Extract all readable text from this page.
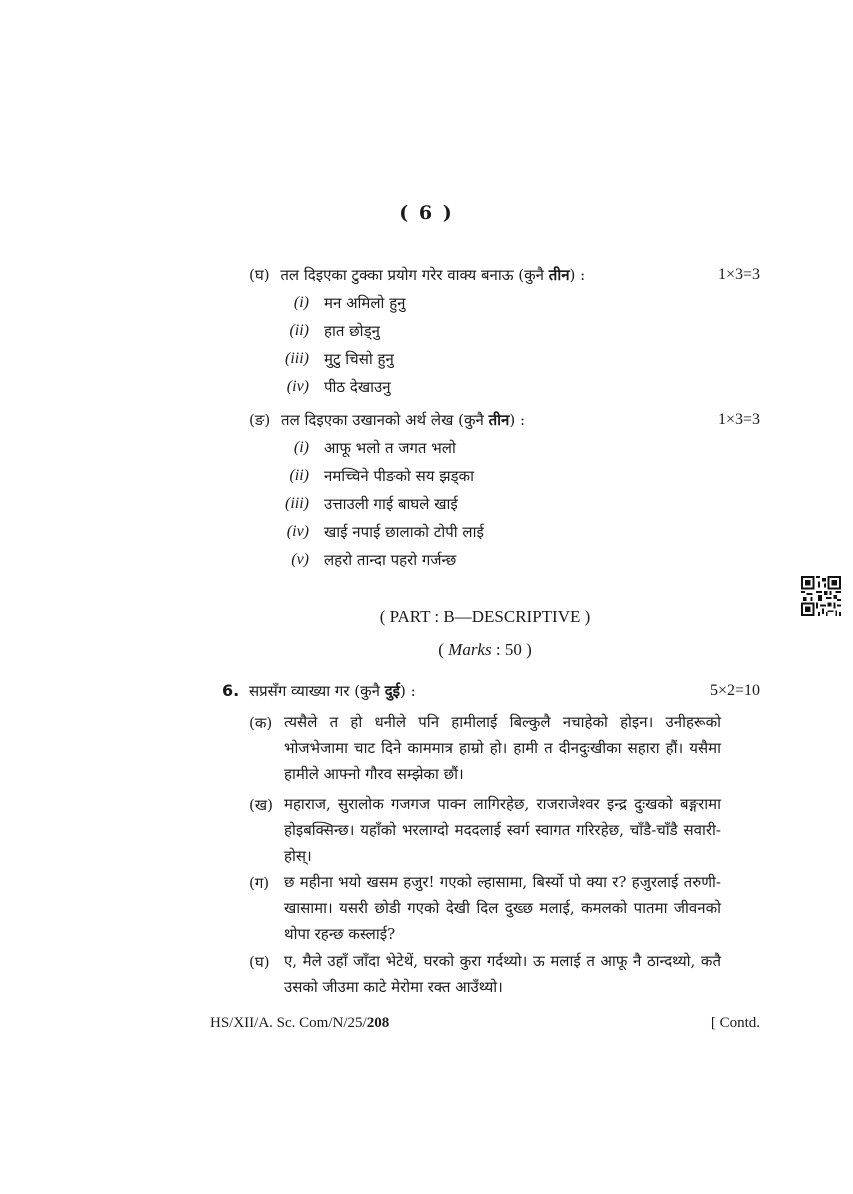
( 6 )
(घ) तल दिइएका टुक्का प्रयोग गरेर वाक्य बनाऊ (कुनै तीन) :	1×3=3
(i) मन अमिलो हुनु
(ii) हात छोड्नु
(iii) मुटु चिसो हुनु
(iv) पीठ देखाउनु
(ङ) तल दिइएका उखानको अर्थ लेख (कुनै तीन) :	1×3=3
(i) आफू भलो त जगत भलो
(ii) नमच्चिने पीङको सय झड्का
(iii) उत्ताउली गाई बाघले खाई
(iv) खाई नपाई छालाको टोपी लाई
(v) लहरो तान्दा पहरो गर्जन्छ
( PART : B—DESCRIPTIVE )
( Marks : 50 )
6. सप्रसँग व्याख्या गर (कुनै दुई) :	5×2=10
(क) त्यसैले त हो धनीले पनि हामीलाई बिल्कुलै नचाहेको होइन। उनीहरूको भोजभेजामा चाट दिने काममात्र हाम्रो हो। हामी त दीनदुःखीका सहारा हौं। यसैमा हामीले आफ्नो गौरव सम्झेका छौं।
(ख) महाराज, सुरालोक गजगज पाक्न लागिरहेछ, राजराजेश्वर इन्द्र दुःखको बङ्गरामा होइबक्सिन्छ। यहाँको भरलाग्दो मददलाई स्वर्ग स्वागत गरिरहेछ, चाँडै-चाँडै सवारी-होस्।
(ग) छ महीना भयो खसम हजुर! गएको ल्हासामा, बिर्स्यो पो क्या र? हजुरलाई तरुणी-खासामा। यसरी छोडी गएको देखी दिल दुख्छ मलाई, कमलको पातमा जीवनको थोपा रहन्छ कस्लाई?
(घ) ए, मैले उहाँ जाँदा भेटेथें, घरको कुरा गर्दथ्यो। ऊ मलाई त आफू नै ठान्दथ्यो, कतै उसको जीउमा काटे मेरोमा रक्त आउँथ्यो।
HS/XII/A. Sc. Com/N/25/208	[ Contd.
